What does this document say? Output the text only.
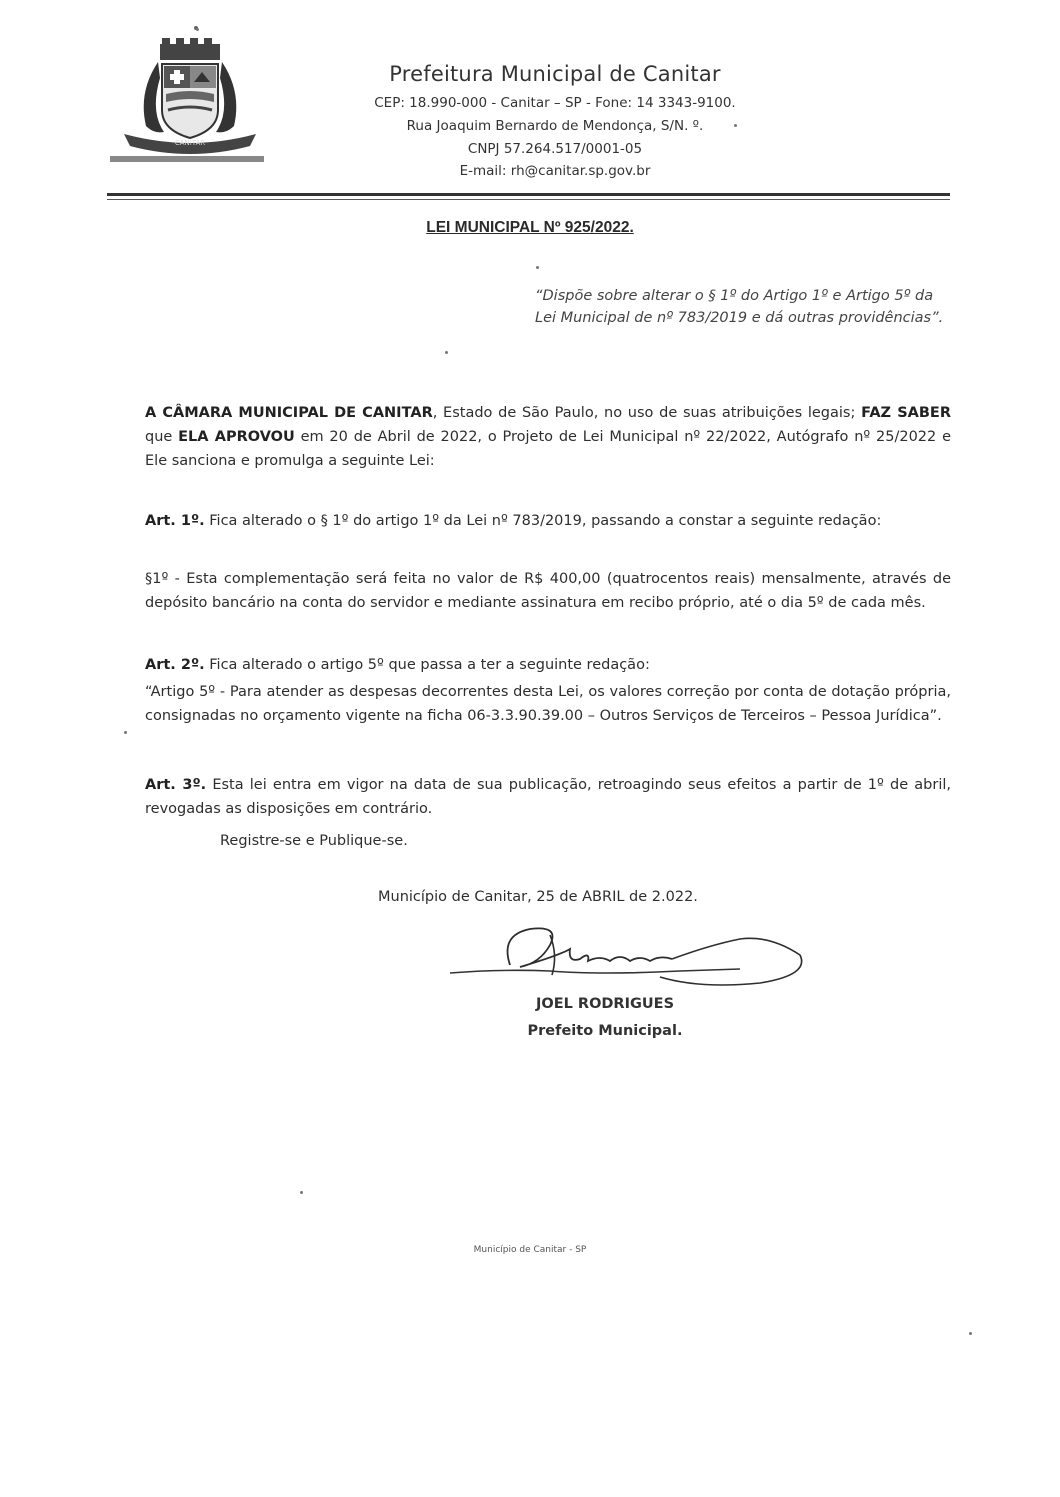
CANITAR
Prefeitura Municipal de Canitar
CEP: 18.990-000 - Canitar – SP - Fone: 14 3343-9100.
Rua Joaquim Bernardo de Mendonça, S/N. º.
CNPJ 57.264.517/0001-05
E-mail: rh@canitar.sp.gov.br
LEI MUNICIPAL Nº 925/2022.
“Dispõe sobre alterar o § 1º do Artigo 1º e Artigo 5º da Lei Municipal de nº 783/2019 e dá outras providências”.
A CÂMARA MUNICIPAL DE CANITAR, Estado de São Paulo, no uso de suas atribuições legais; FAZ SABER que ELA APROVOU em 20 de Abril de 2022, o Projeto de Lei Municipal nº 22/2022, Autógrafo nº 25/2022 e Ele sanciona e promulga a seguinte Lei:
Art. 1º. Fica alterado o § 1º do artigo 1º da Lei nº 783/2019, passando a constar a seguinte redação:
§1º - Esta complementação será feita no valor de R$ 400,00 (quatrocentos reais) mensalmente, através de depósito bancário na conta do servidor e mediante assinatura em recibo próprio, até o dia 5º de cada mês.
Art. 2º. Fica alterado o artigo 5º que passa a ter a seguinte redação:
“Artigo 5º - Para atender as despesas decorrentes desta Lei, os valores correção por conta de dotação própria, consignadas no orçamento vigente na ficha 06-3.3.90.39.00 – Outros Serviços de Terceiros – Pessoa Jurídica”.
Art. 3º. Esta lei entra em vigor na data de sua publicação, retroagindo seus efeitos a partir de 1º de abril, revogadas as disposições em contrário.
Registre-se e Publique-se.
Município de Canitar, 25 de ABRIL de 2.022.
JOEL RODRIGUES
Prefeito Municipal.
Município de Canitar - SP
